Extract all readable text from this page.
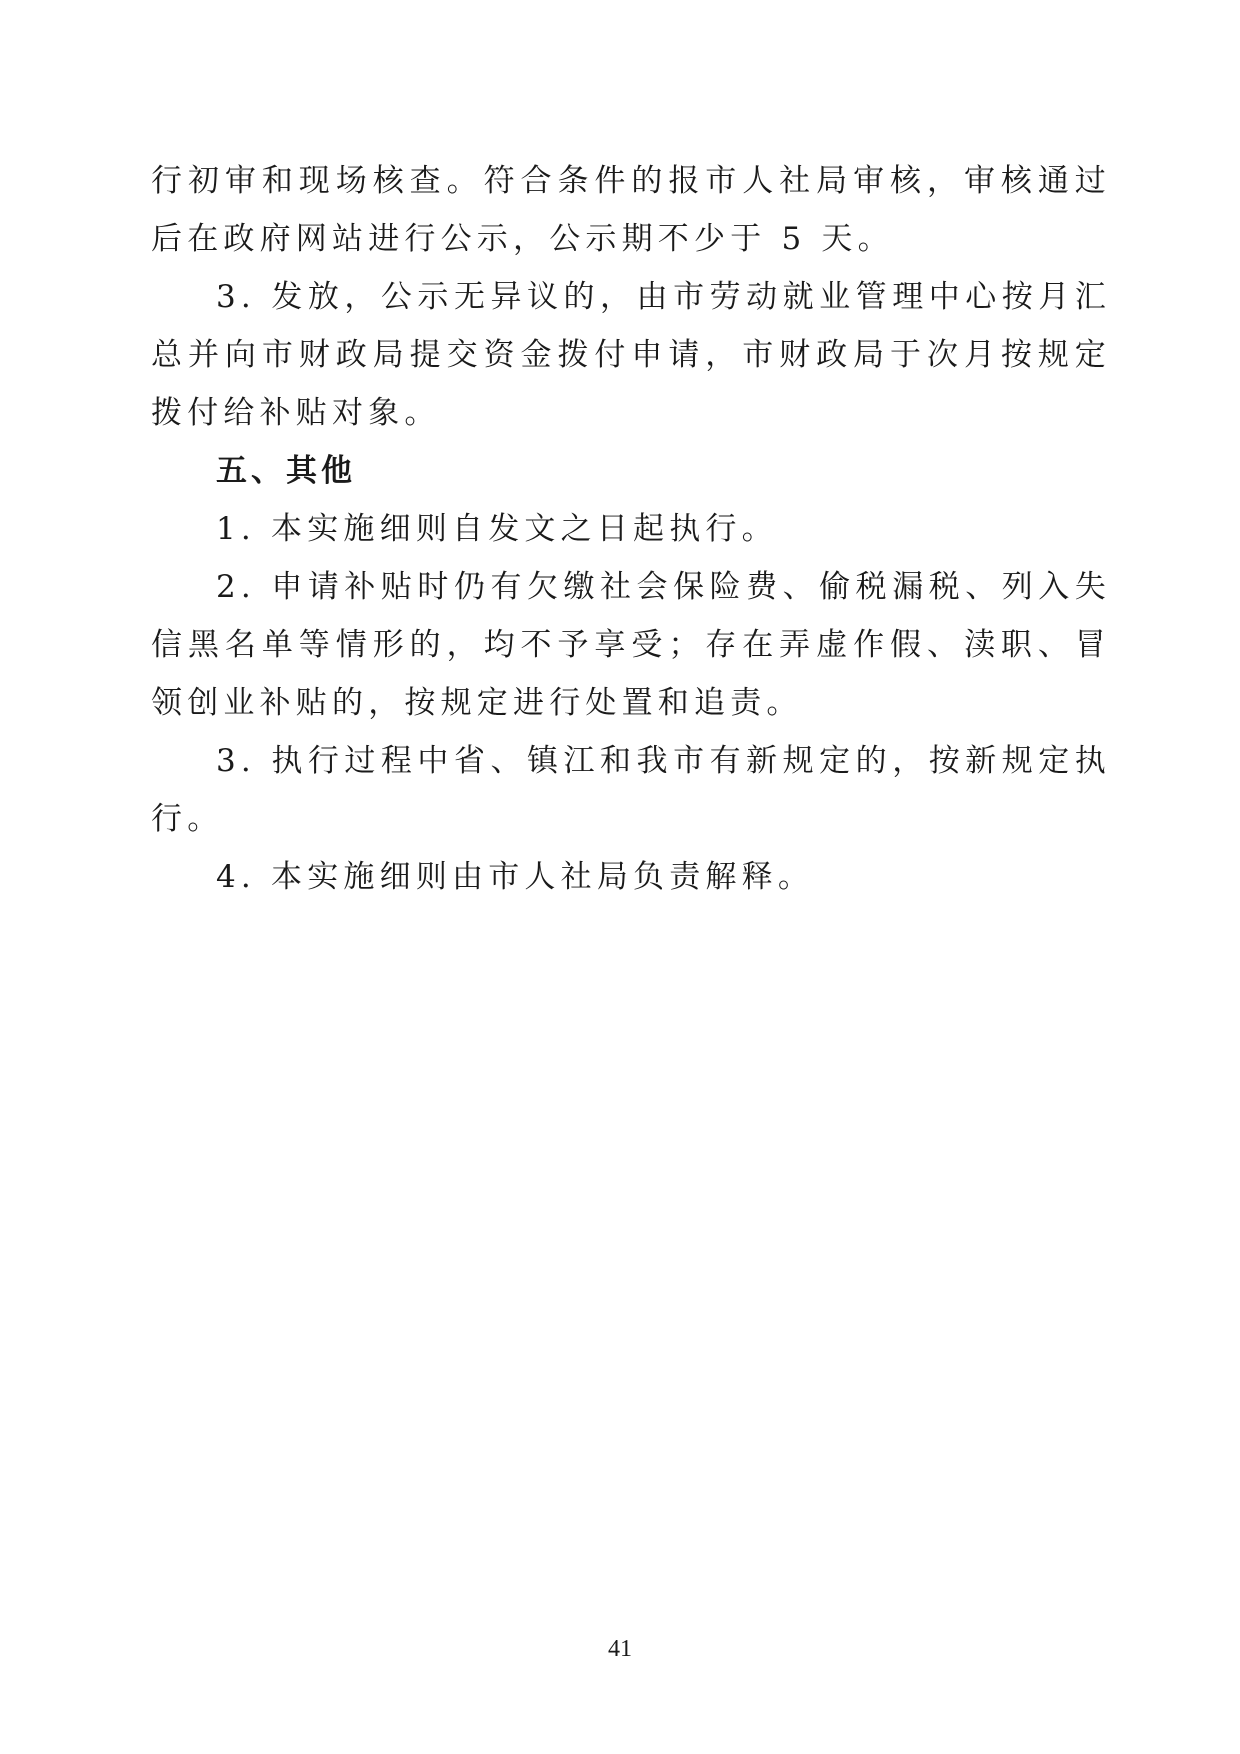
行初审和现场核查。符合条件的报市人社局审核，审核通过后在政府网站进行公示，公示期不少于 5 天。

3. 发放，公示无异议的，由市劳动就业管理中心按月汇总并向市财政局提交资金拨付申请，市财政局于次月按规定拨付给补贴对象。

五、其他

1. 本实施细则自发文之日起执行。

2. 申请补贴时仍有欠缴社会保险费、偷税漏税、列入失信黑名单等情形的，均不予享受；存在弄虚作假、渎职、冒领创业补贴的，按规定进行处置和追责。

3. 执行过程中省、镇江和我市有新规定的，按新规定执行。

4. 本实施细则由市人社局负责解释。

41
